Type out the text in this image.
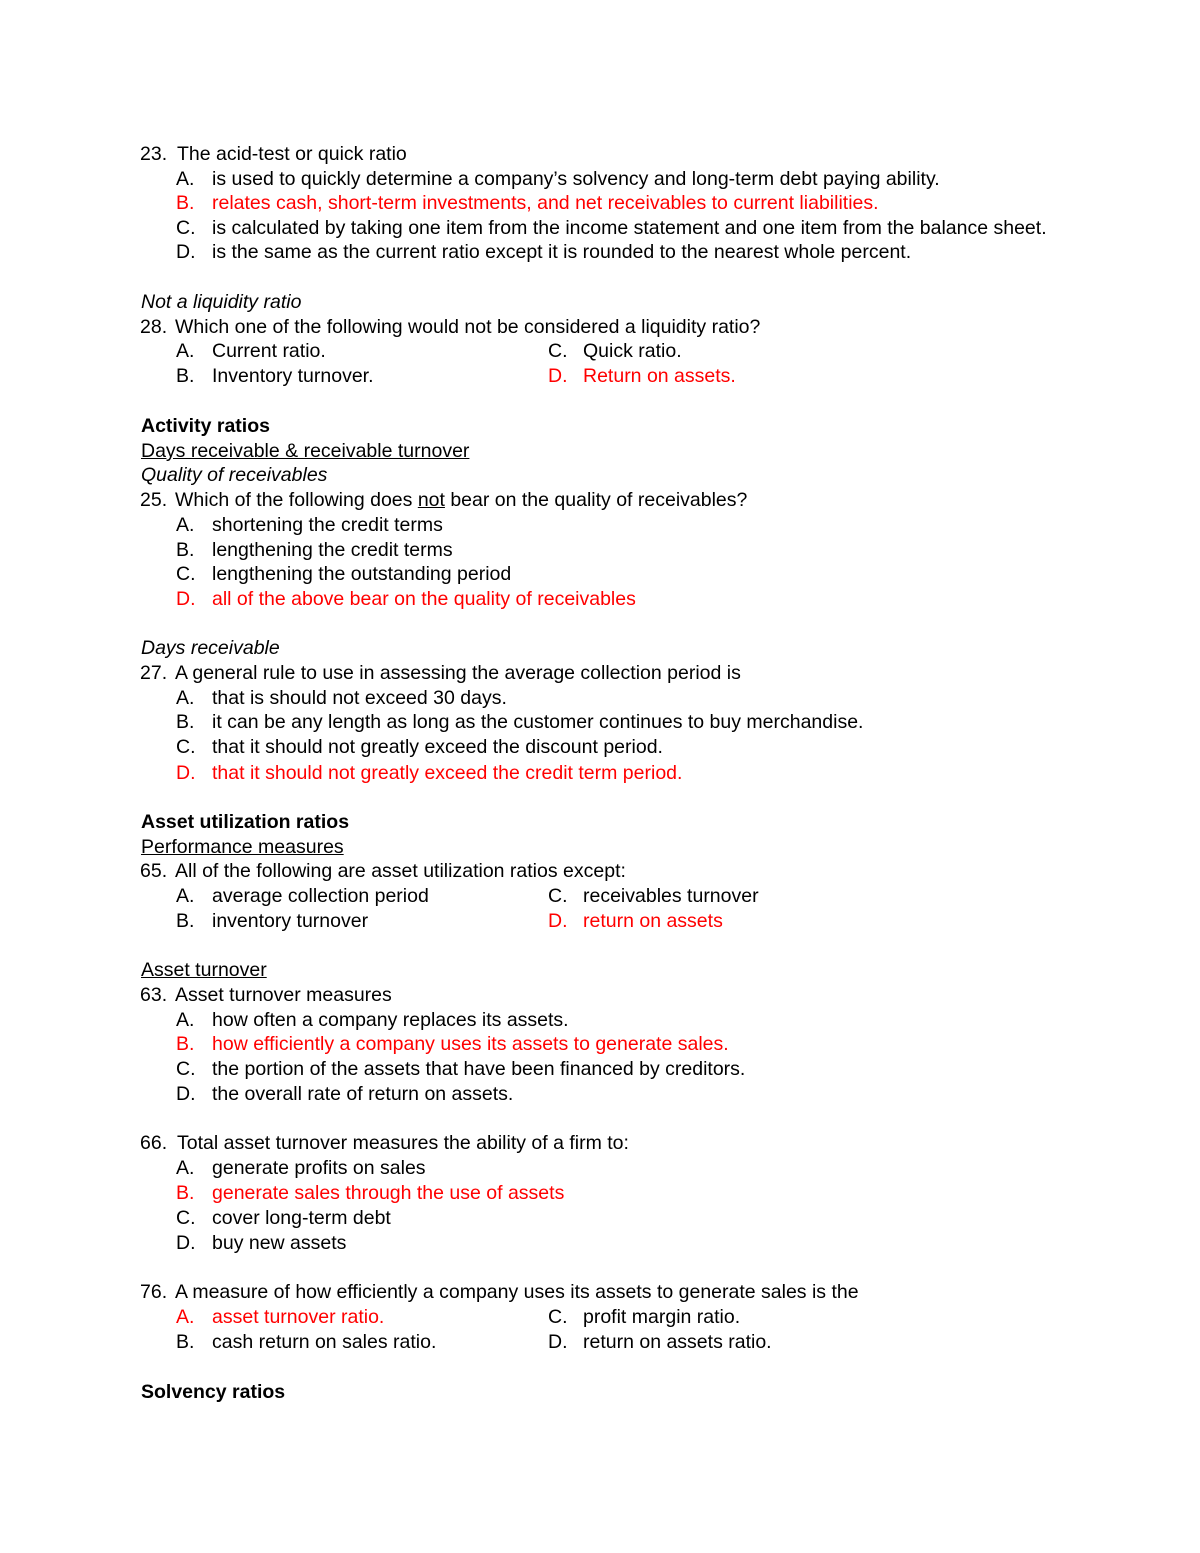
23. The acid-test or quick ratio
A. is used to quickly determine a company’s solvency and long-term debt paying ability.
B. relates cash, short-term investments, and net receivables to current liabilities.
C. is calculated by taking one item from the income statement and one item from the balance sheet.
D. is the same as the current ratio except it is rounded to the nearest whole percent.
Not a liquidity ratio
28. Which one of the following would not be considered a liquidity ratio?
A. Current ratio.	C. Quick ratio.
B. Inventory turnover.	D. Return on assets.
Activity ratios
Days receivable & receivable turnover
Quality of receivables
25. Which of the following does not bear on the quality of receivables?
A. shortening the credit terms
B. lengthening the credit terms
C. lengthening the outstanding period
D. all of the above bear on the quality of receivables
Days receivable
27. A general rule to use in assessing the average collection period is
A. that is should not exceed 30 days.
B. it can be any length as long as the customer continues to buy merchandise.
C. that it should not greatly exceed the discount period.
D. that it should not greatly exceed the credit term period.
Asset utilization ratios
Performance measures
65. All of the following are asset utilization ratios except:
A. average collection period	C. receivables turnover
B. inventory turnover	D. return on assets
Asset turnover
63. Asset turnover measures
A. how often a company replaces its assets.
B. how efficiently a company uses its assets to generate sales.
C. the portion of the assets that have been financed by creditors.
D. the overall rate of return on assets.
66. Total asset turnover measures the ability of a firm to:
A. generate profits on sales
B. generate sales through the use of assets
C. cover long-term debt
D. buy new assets
76. A measure of how efficiently a company uses its assets to generate sales is the
A. asset turnover ratio.	C. profit margin ratio.
B. cash return on sales ratio.	D. return on assets ratio.
Solvency ratios
